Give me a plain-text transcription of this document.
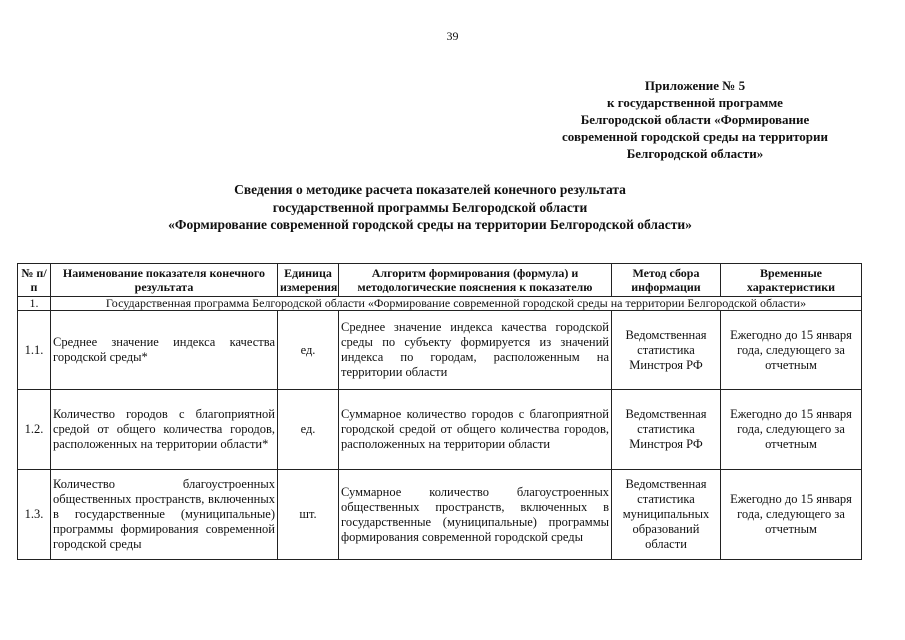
39
Приложение № 5
к государственной программе
Белгородской области «Формирование
современной городской среды на территории
Белгородской области»
Сведения о методике расчета показателей конечного результата
государственной программы Белгородской области
«Формирование современной городской среды на территории Белгородской области»
№ п/п	Наименование показателя конечного результата	Единица измерения	Алгоритм формирования (формула) и методологические пояснения к показателю	Метод сбора информации	Временные характеристики
1.	Государственная программа Белгородской области «Формирование современной городской среды на территории Белгородской области»				
1.1.	Среднее значение индекса качества городской среды*	ед.	Среднее значение индекса качества городской среды по субъекту формируется из значений индекса по городам, расположенным на территории области	Ведомственная статистика Минстроя РФ	Ежегодно до 15 января года, следующего за отчетным
1.2.	Количество городов с благоприятной средой от общего количества городов, расположенных на территории области*	ед.	Суммарное количество городов с благоприятной городской средой от общего количества городов, расположенных на территории области	Ведомственная статистика Минстроя РФ	Ежегодно до 15 января года, следующего за отчетным
1.3.	Количество благоустроенных общественных пространств, включенных в государственные (муниципальные) программы формирования современной городской среды	шт.	Суммарное количество благоустроенных общественных пространств, включенных в государственные (муниципальные) программы формирования современной городской среды	Ведомственная статистика муниципальных образований области	Ежегодно до 15 января года, следующего за отчетным
